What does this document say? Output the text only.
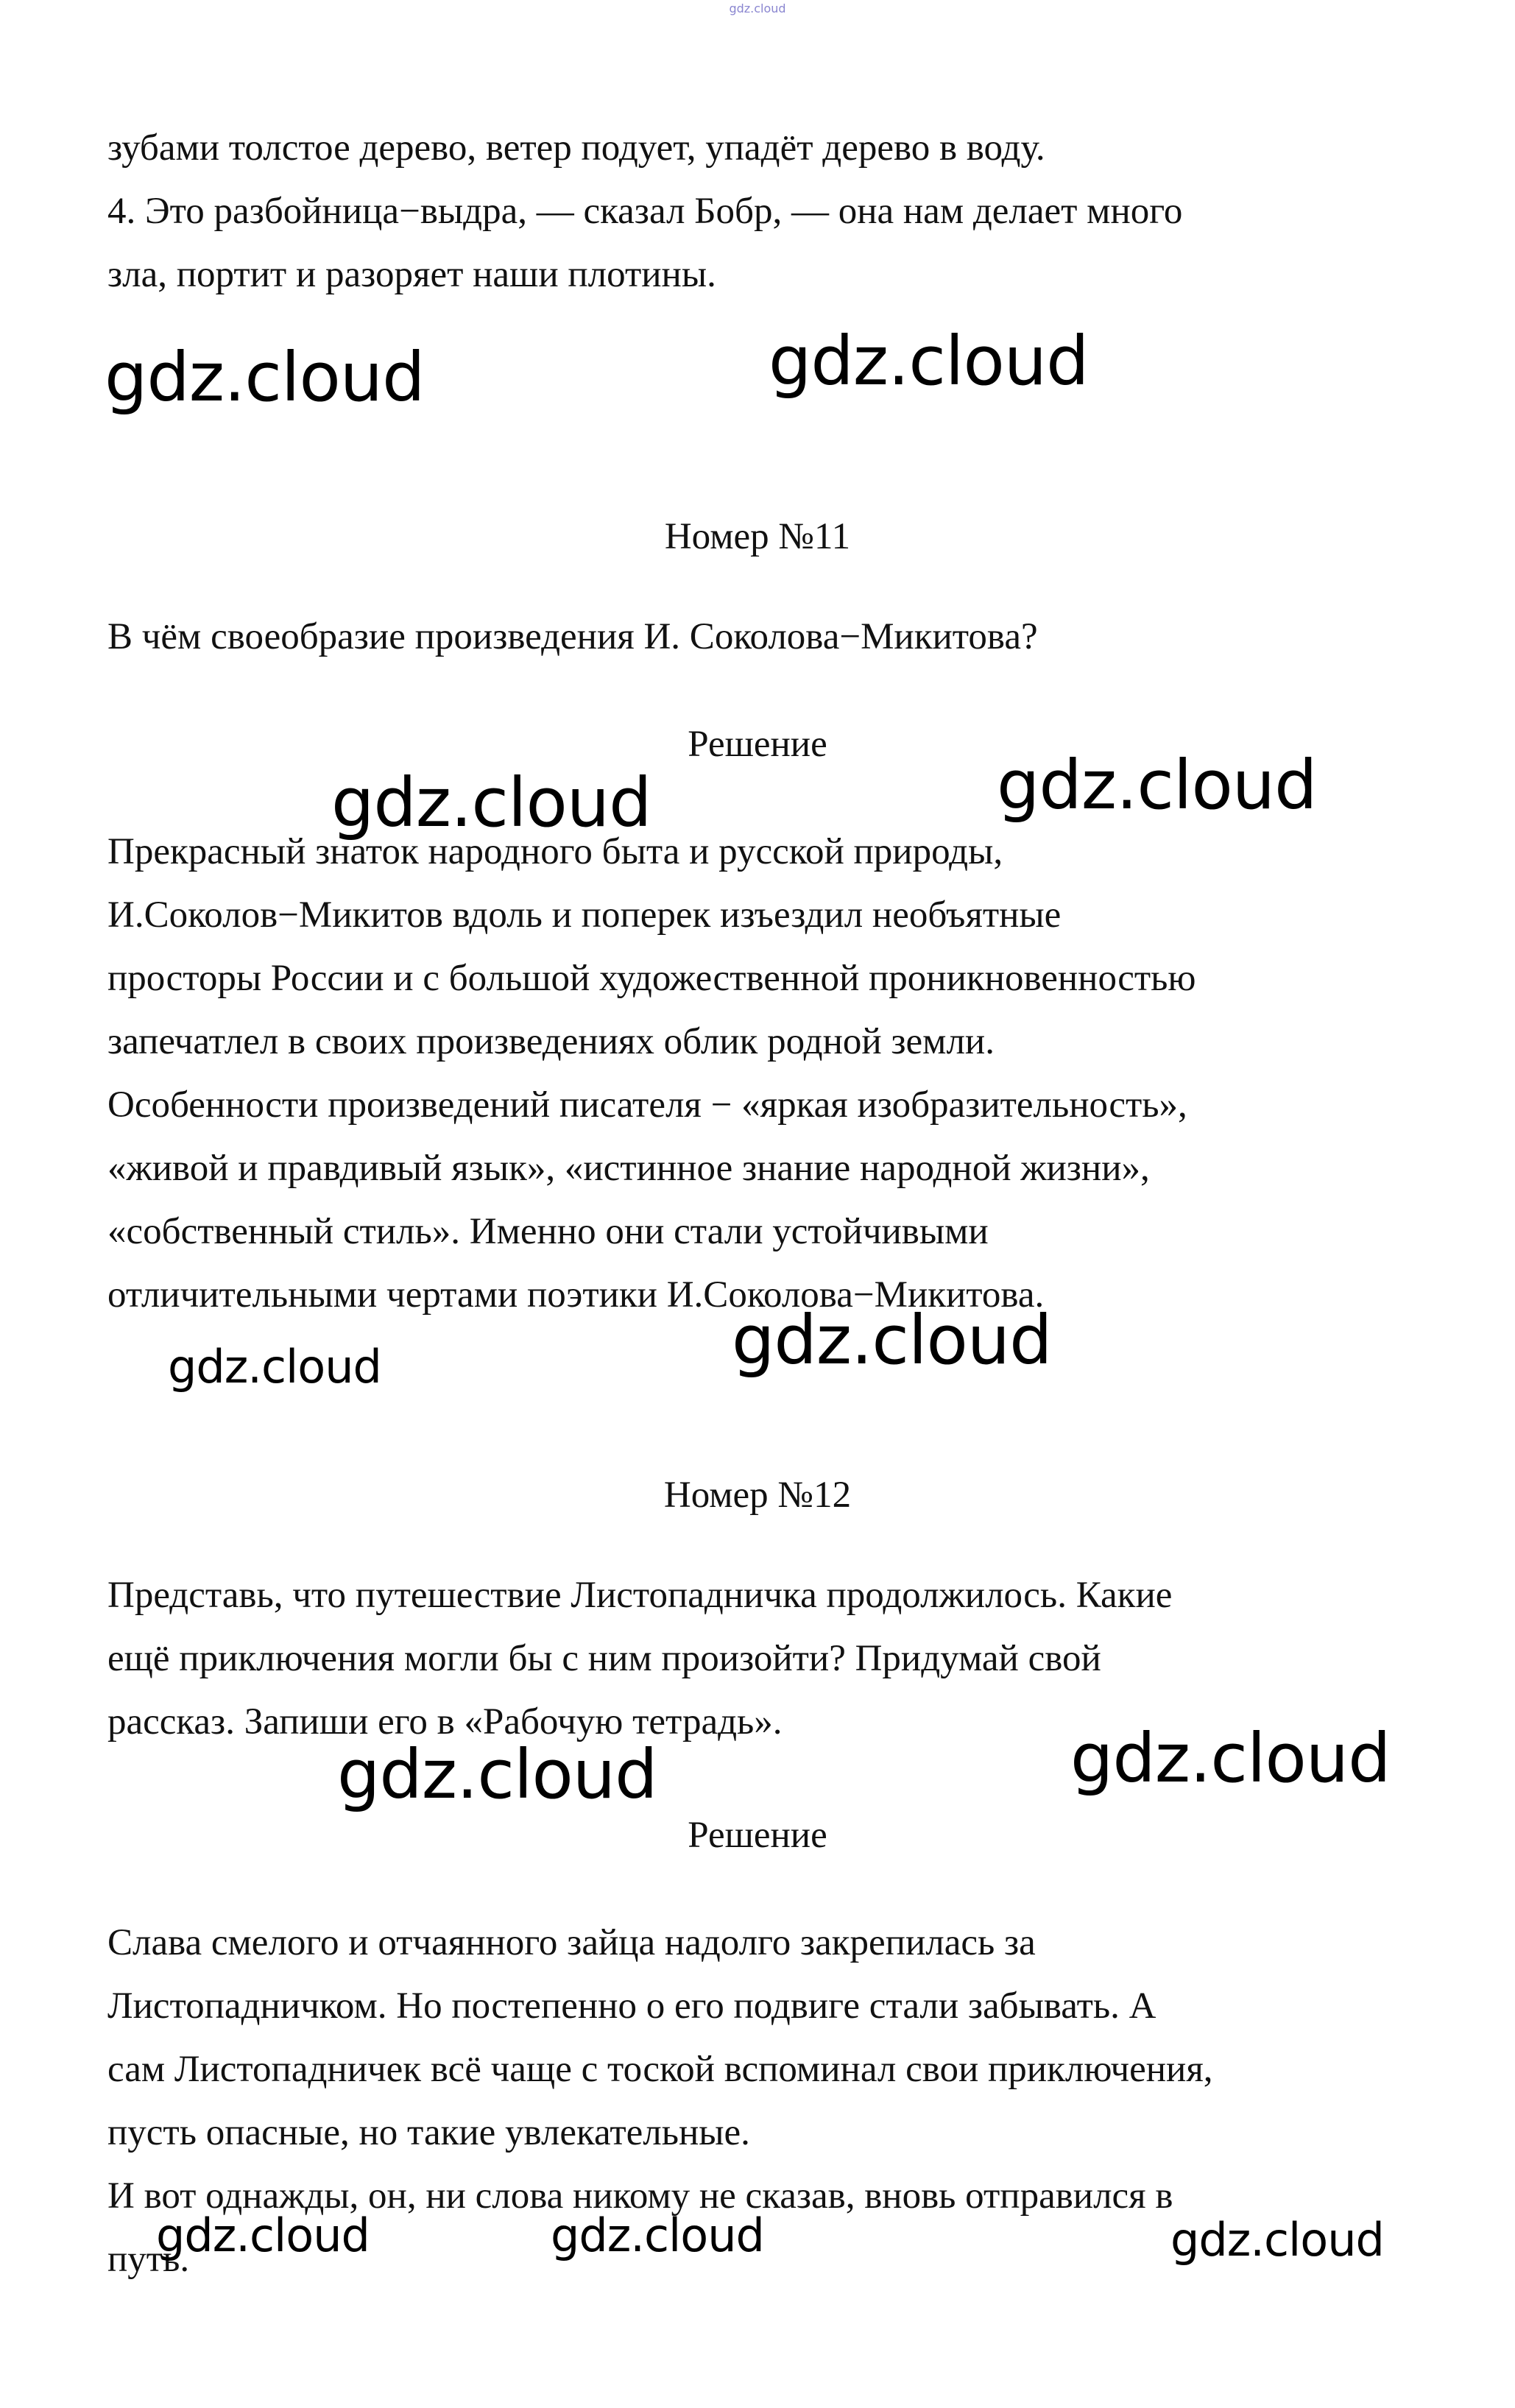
gdz.cloud
зубами толстое дерево, ветер подует, упадёт дерево в воду.
4. Это разбойница−выдра, — сказал Бобр, — она нам делает много
зла, портит и разоряет наши плотины.
Номер №11
В чём своеобразие произведения И. Соколова−Микитова?
Решение
Прекрасный знаток народного быта и русской природы,
И.Соколов−Микитов вдоль и поперек изъездил необъятные
просторы России и с большой художественной проникновенностью
запечатлел в своих произведениях облик родной земли.
Особенности произведений писателя − «яркая изобразительность»,
«живой и правдивый язык», «истинное знание народной жизни»,
«собственный стиль». Именно они стали устойчивыми
отличительными чертами поэтики И.Соколова−Микитова.
Номер №12
Представь, что путешествие Листопадничка продолжилось. Какие
ещё приключения могли бы с ним произойти? Придумай свой
рассказ. Запиши его в «Рабочую тетрадь».
Решение
Слава смелого и отчаянного зайца надолго закрепилась за
Листопадничком. Но постепенно о его подвиге стали забывать. А
сам Листопадничек всё чаще с тоской вспоминал свои приключения,
пусть опасные, но такие увлекательные.
И вот однажды, он, ни слова никому не сказав, вновь отправился в
путь.
gdz.cloud	gdz.cloud
gdz.cloud	gdz.cloud
gdz.cloud	gdz.cloud
gdz.cloud	gdz.cloud
gdz.cloud	gdz.cloud	gdz.cloud
